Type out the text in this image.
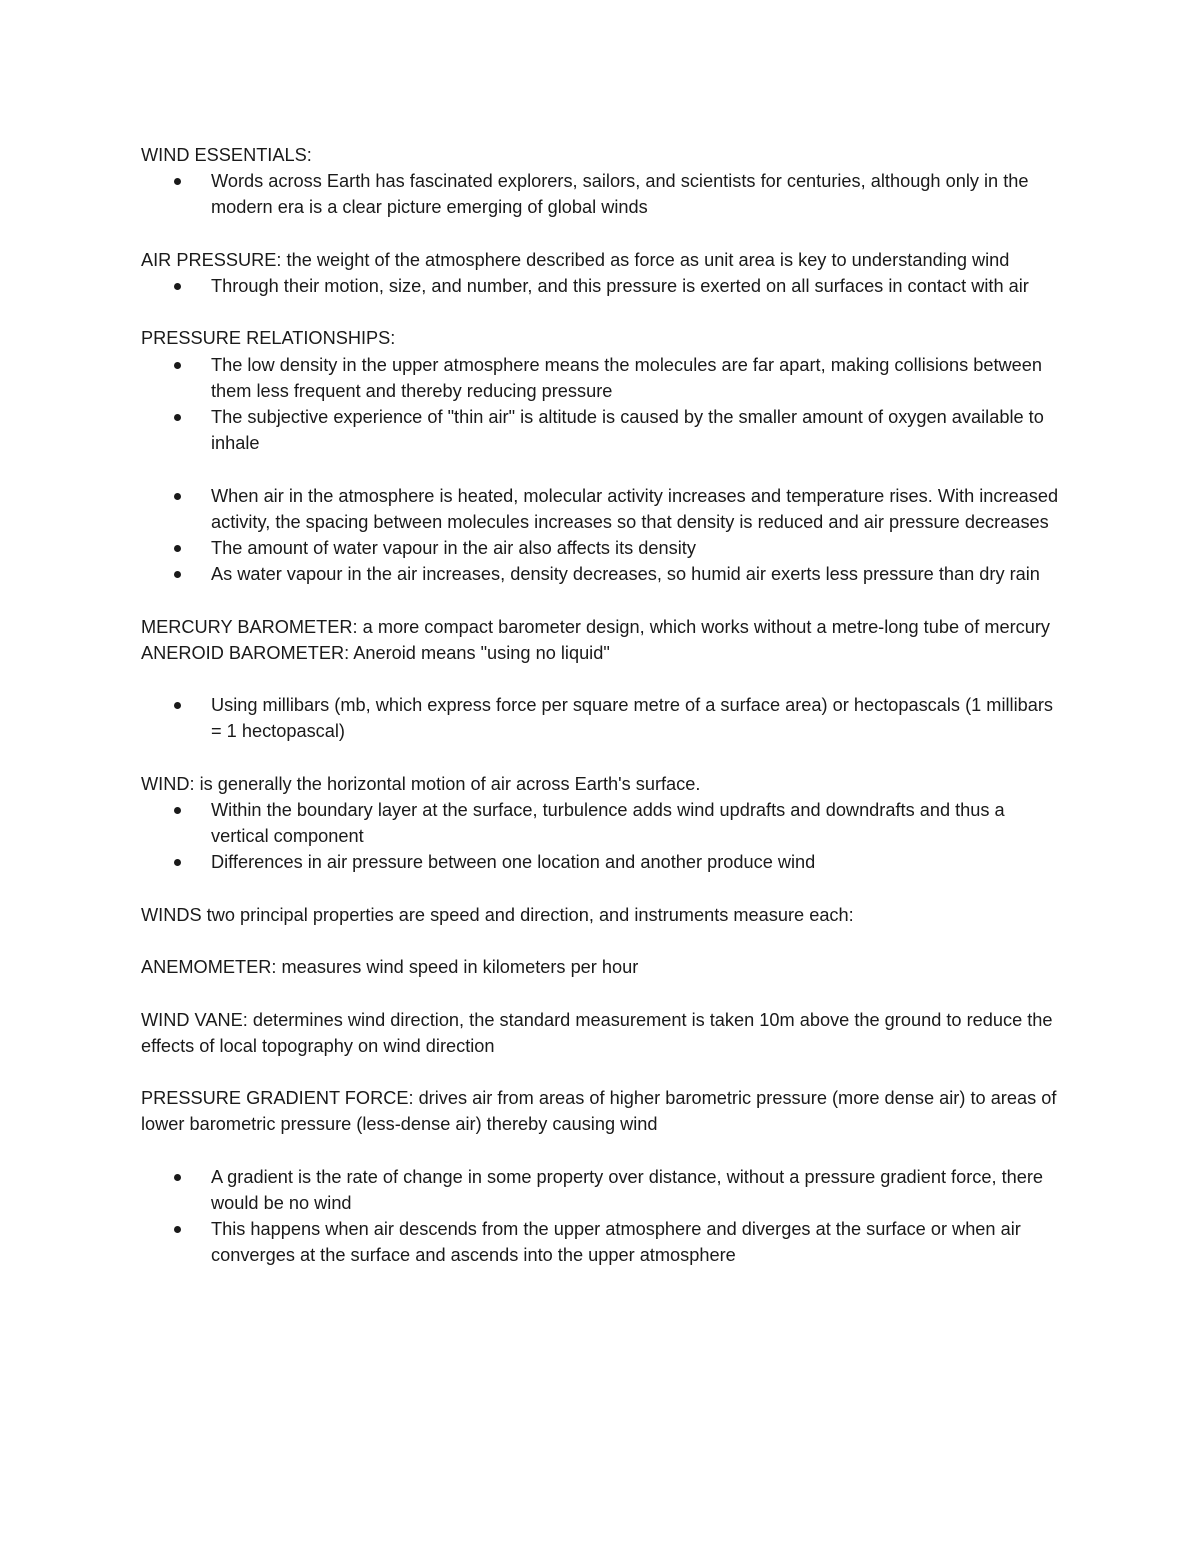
WIND ESSENTIALS:

Words across Earth has fascinated explorers, sailors, and scientists for centuries, although only in the modern era is a clear picture emerging of global winds

AIR PRESSURE: the weight of the atmosphere described as force as unit area is key to understanding wind

Through their motion, size, and number, and this pressure is exerted on all surfaces in contact with air

PRESSURE RELATIONSHIPS:

The low density in the upper atmosphere means the molecules are far apart, making collisions between them less frequent and thereby reducing pressure
The subjective experience of "thin air" is altitude is caused by the smaller amount of oxygen available to inhale
When air in the atmosphere is heated, molecular activity increases and temperature rises. With increased activity, the spacing between molecules increases so that density is reduced and air pressure decreases
The amount of water vapour in the air also affects its density
As water vapour in the air increases, density decreases, so humid air exerts less pressure than dry rain

MERCURY BAROMETER: a more compact barometer design, which works without a metre-long tube of mercury

ANEROID BAROMETER: Aneroid means "using no liquid"

Using millibars (mb, which express force per square metre of a surface area) or hectopascals (1 millibars = 1 hectopascal)

WIND: is generally the horizontal motion of air across Earth's surface.

Within the boundary layer at the surface, turbulence adds wind updrafts and downdrafts and thus a vertical component
Differences in air pressure between one location and another produce wind

WINDS two principal properties are speed and direction, and instruments measure each:

ANEMOMETER: measures wind speed in kilometers per hour

WIND VANE: determines wind direction, the standard measurement is taken 10m above the ground to reduce the effects of local topography on wind direction

PRESSURE GRADIENT FORCE: drives air from areas of higher barometric pressure (more dense air) to areas of lower barometric pressure (less-dense air) thereby causing wind

A gradient is the rate of change in some property over distance, without a pressure gradient force, there would be no wind
This happens when air descends from the upper atmosphere and diverges at the surface or when air converges at the surface and ascends into the upper atmosphere
